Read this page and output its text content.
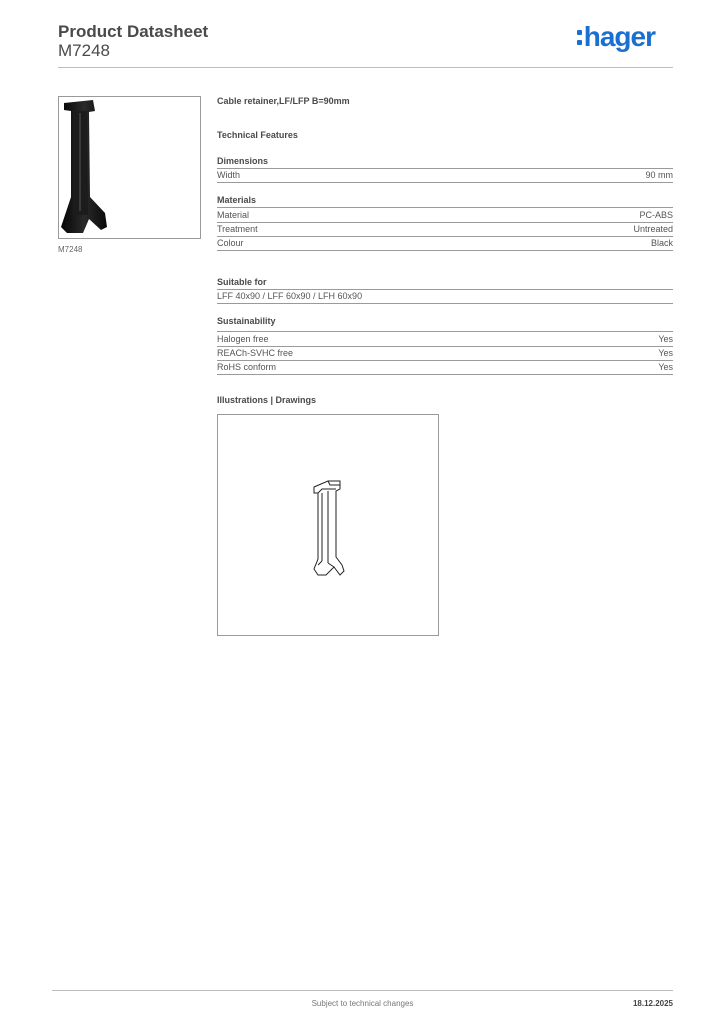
Product Datasheet
M7248	hager
M7248
Cable retainer,LF/LFP B=90mm
Technical Features
Dimensions
Width	90 mm
Materials
Material	PC-ABS
Treatment	Untreated
Colour	Black
Suitable for
LFF 40x90 / LFF 60x90 / LFH 60x90
Sustainability
Halogen free	Yes
REACh-SVHC free	Yes
RoHS conform	Yes
Illustrations | Drawings
Subject to technical changes	18.12.2025
